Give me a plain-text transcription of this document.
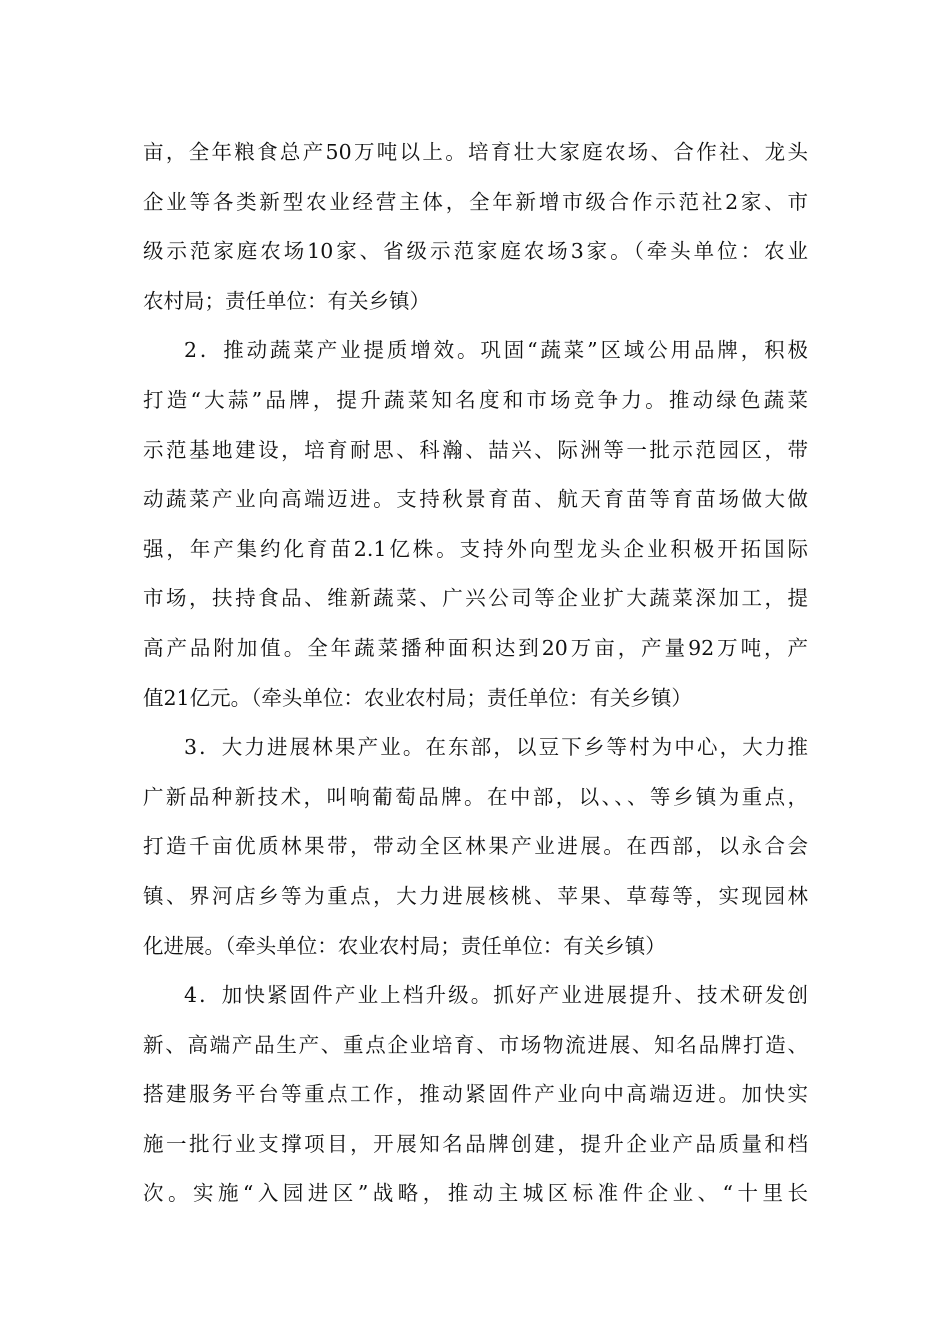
亩，全年粮食总产50万吨以上。培育壮大家庭农场、合作社、龙头
企业等各类新型农业经营主体，全年新增市级合作示范社2家、市
级示范家庭农场10家、省级示范家庭农场3家。（牵头单位：农业
农村局；责任单位：有关乡镇）
2．推动蔬菜产业提质增效。巩固“蔬菜”区域公用品牌，积极
打造“大蒜”品牌，提升蔬菜知名度和市场竞争力。推动绿色蔬菜
示范基地建设，培育耐思、科瀚、喆兴、际洲等一批示范园区，带
动蔬菜产业向高端迈进。支持秋景育苗、航天育苗等育苗场做大做
强，年产集约化育苗2.1亿株。支持外向型龙头企业积极开拓国际
市场，扶持食品、维新蔬菜、广兴公司等企业扩大蔬菜深加工，提
高产品附加值。全年蔬菜播种面积达到20万亩，产量92万吨，产
值21亿元。（牵头单位：农业农村局；责任单位：有关乡镇）
3．大力进展林果产业。在东部，以豆下乡等村为中心，大力推
广新品种新技术，叫响葡萄品牌。在中部，以、、、等乡镇为重点，
打造千亩优质林果带，带动全区林果产业进展。在西部，以永合会
镇、界河店乡等为重点，大力进展核桃、苹果、草莓等，实现园林
化进展。（牵头单位：农业农村局；责任单位：有关乡镇）
4．加快紧固件产业上档升级。抓好产业进展提升、技术研发创
新、高端产品生产、重点企业培育、市场物流进展、知名品牌打造、
搭建服务平台等重点工作，推动紧固件产业向中高端迈进。加快实
施一批行业支撑项目，开展知名品牌创建，提升企业产品质量和档
次。实施“入园进区”战略，推动主城区标准件企业、“十里长
